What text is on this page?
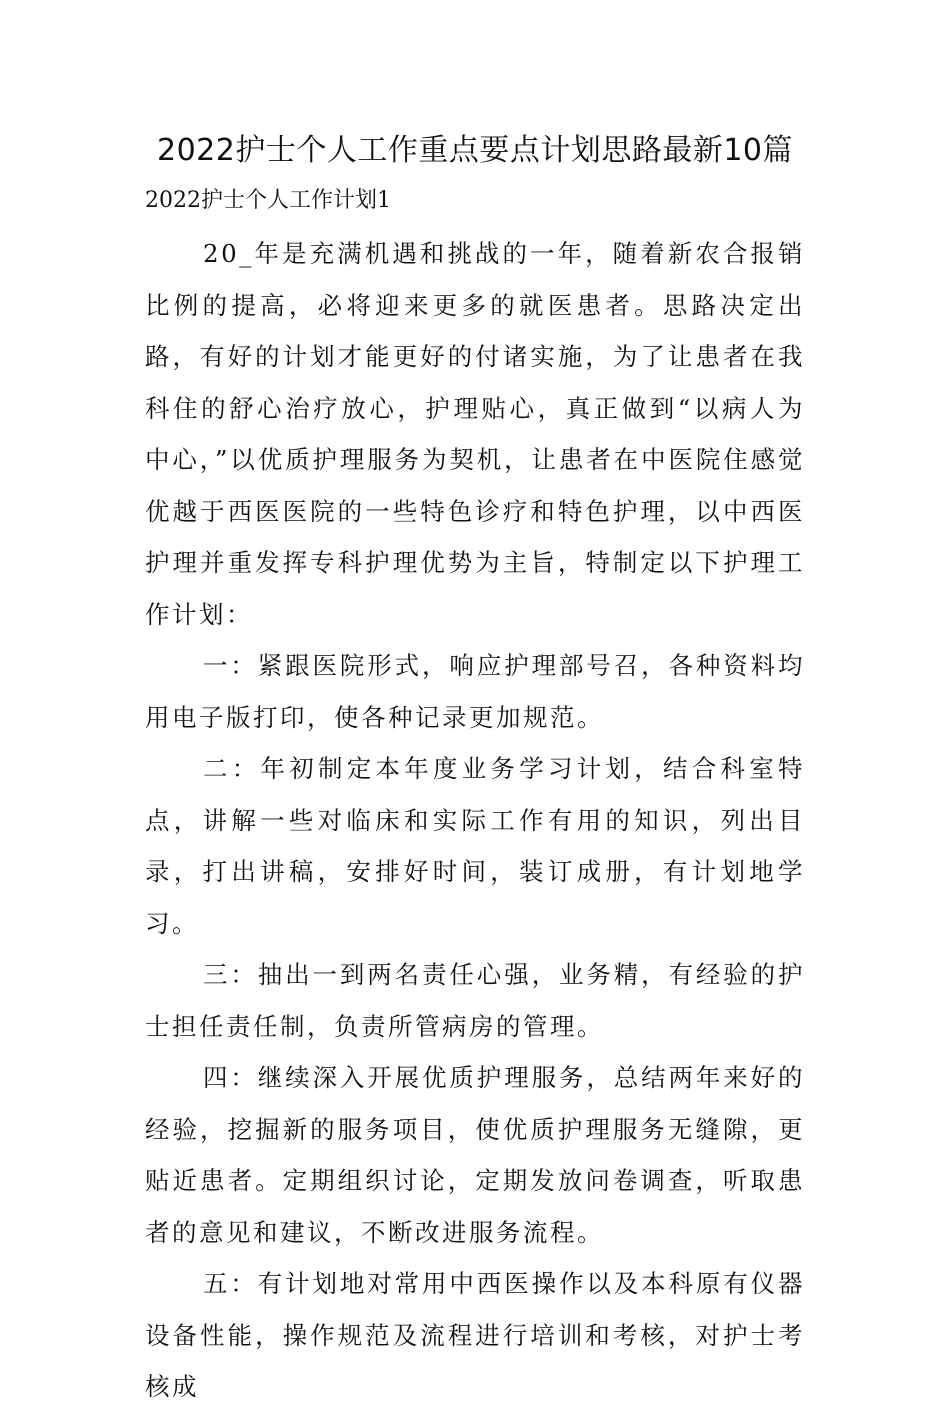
2022护士个人工作重点要点计划思路最新10篇
2022护士个人工作计划1

20_年是充满机遇和挑战的一年，随着新农合报销比例的提高，必将迎来更多的就医患者。思路决定出路，有好的计划才能更好的付诸实施，为了让患者在我科住的舒心治疗放心，护理贴心，真正做到“以病人为中心，”以优质护理服务为契机，让患者在中医院住感觉优越于西医医院的一些特色诊疗和特色护理，以中西医护理并重发挥专科护理优势为主旨，特制定以下护理工作计划：

一：紧跟医院形式，响应护理部号召，各种资料均用电子版打印，使各种记录更加规范。

二：年初制定本年度业务学习计划，结合科室特点，讲解一些对临床和实际工作有用的知识，列出目录，打出讲稿，安排好时间，装订成册，有计划地学习。

三：抽出一到两名责任心强，业务精，有经验的护士担任责任制，负责所管病房的管理。

四：继续深入开展优质护理服务，总结两年来好的经验，挖掘新的服务项目，使优质护理服务无缝隙，更贴近患者。定期组织讨论，定期发放问卷调查，听取患者的意见和建议，不断改进服务流程。

五：有计划地对常用中西医操作以及本科原有仪器设备性能，操作规范及流程进行培训和考核，对护士考核成
